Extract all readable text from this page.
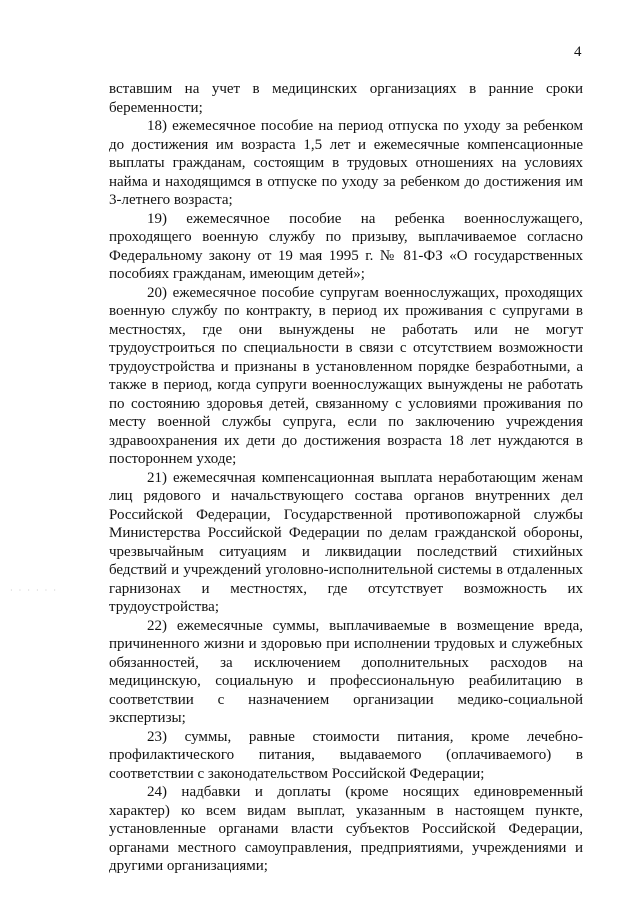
4

вставшим на учет в медицинских организациях в ранние сроки беременности;

18) ежемесячное пособие на период отпуска по уходу за ребенком до достижения им возраста 1,5 лет и ежемесячные компенсационные выплаты гражданам, состоящим в трудовых отношениях на условиях найма и находящимся в отпуске по уходу за ребенком до достижения им 3-летнего возраста;

19) ежемесячное пособие на ребенка военнослужащего, проходящего военную службу по призыву, выплачиваемое согласно Федеральному закону от 19 мая 1995 г. № 81-ФЗ «О государственных пособиях гражданам, имеющим детей»;

20) ежемесячное пособие супругам военнослужащих, проходящих военную службу по контракту, в период их проживания с супругами в местностях, где они вынуждены не работать или не могут трудоустроиться по специальности в связи с отсутствием возможности трудоустройства и признаны в установленном порядке безработными, а также в период, когда супруги военнослужащих вынуждены не работать по состоянию здоровья детей, связанному с условиями проживания по месту военной службы супруга, если по заключению учреждения здравоохранения их дети до достижения возраста 18 лет нуждаются в постороннем уходе;

21) ежемесячная компенсационная выплата неработающим женам лиц рядового и начальствующего состава органов внутренних дел Российской Федерации, Государственной противопожарной службы Министерства Российской Федерации по делам гражданской обороны, чрезвычайным ситуациям и ликвидации последствий стихийных бедствий и учреждений уголовно-исполнительной системы в отдаленных гарнизонах и местностях, где отсутствует возможность их трудоустройства;

22) ежемесячные суммы, выплачиваемые в возмещение вреда, причиненного жизни и здоровью при исполнении трудовых и служебных обязанностей, за исключением дополнительных расходов на медицинскую, социальную и профессиональную реабилитацию в соответствии с назначением организации медико-социальной экспертизы;

23) суммы, равные стоимости питания, кроме лечебно-профилактического питания, выдаваемого (оплачиваемого) в соответствии с законодательством Российской Федерации;

24) надбавки и доплаты (кроме носящих единовременный характер) ко всем видам выплат, указанным в настоящем пункте, установленные органами власти субъектов Российской Федерации, органами местного самоуправления, предприятиями, учреждениями и другими организациями;

· · · · · ·
